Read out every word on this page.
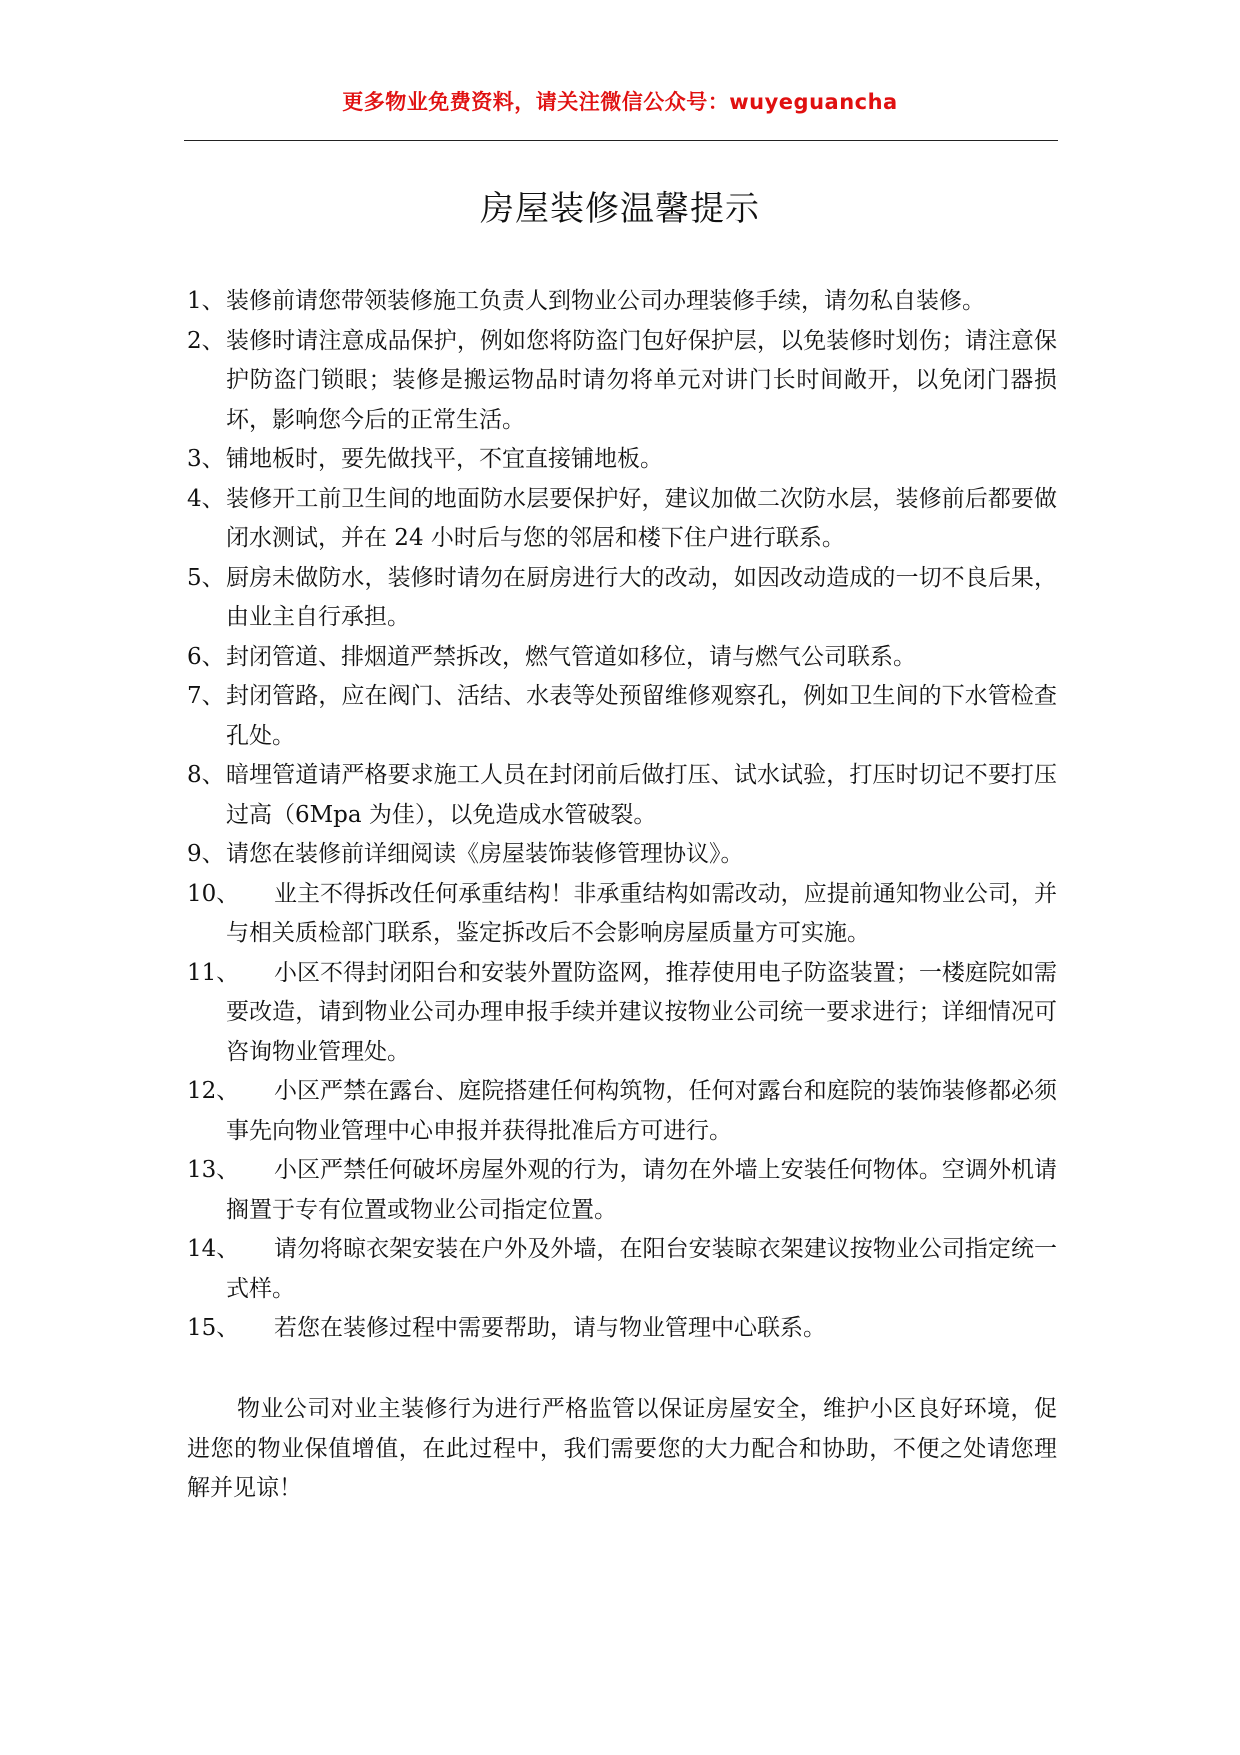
更多物业免费资料，请关注微信公众号：wuyeguancha
房屋装修温馨提示
1、 装修前请您带领装修施工负责人到物业公司办理装修手续，请勿私自装修。
2、 装修时请注意成品保护，例如您将防盗门包好保护层，以免装修时划伤；请注意保护防盗门锁眼；装修是搬运物品时请勿将单元对讲门长时间敞开，以免闭门器损坏，影响您今后的正常生活。
3、 铺地板时，要先做找平，不宜直接铺地板。
4、 装修开工前卫生间的地面防水层要保护好，建议加做二次防水层，装修前后都要做闭水测试，并在 24 小时后与您的邻居和楼下住户进行联系。
5、 厨房未做防水，装修时请勿在厨房进行大的改动，如因改动造成的一切不良后果，由业主自行承担。
6、 封闭管道、排烟道严禁拆改，燃气管道如移位，请与燃气公司联系。
7、 封闭管路，应在阀门、活结、水表等处预留维修观察孔，例如卫生间的下水管检查孔处。
8、 暗埋管道请严格要求施工人员在封闭前后做打压、试水试验，打压时切记不要打压过高（6Mpa 为佳），以免造成水管破裂。
9、 请您在装修前详细阅读《房屋装饰装修管理协议》。
10、	业主不得拆改任何承重结构！非承重结构如需改动，应提前通知物业公司，并与相关质检部门联系，鉴定拆改后不会影响房屋质量方可实施。
11、	小区不得封闭阳台和安装外置防盗网，推荐使用电子防盗装置；一楼庭院如需要改造，请到物业公司办理申报手续并建议按物业公司统一要求进行；详细情况可咨询物业管理处。
12、	小区严禁在露台、庭院搭建任何构筑物，任何对露台和庭院的装饰装修都必须事先向物业管理中心申报并获得批准后方可进行。
13、	小区严禁任何破坏房屋外观的行为，请勿在外墙上安装任何物体。空调外机请搁置于专有位置或物业公司指定位置。
14、	请勿将晾衣架安装在户外及外墙，在阳台安装晾衣架建议按物业公司指定统一式样。
15、	若您在装修过程中需要帮助，请与物业管理中心联系。

物业公司对业主装修行为进行严格监管以保证房屋安全，维护小区良好环境，促进您的物业保值增值，在此过程中，我们需要您的大力配合和协助，不便之处请您理解并见谅！
